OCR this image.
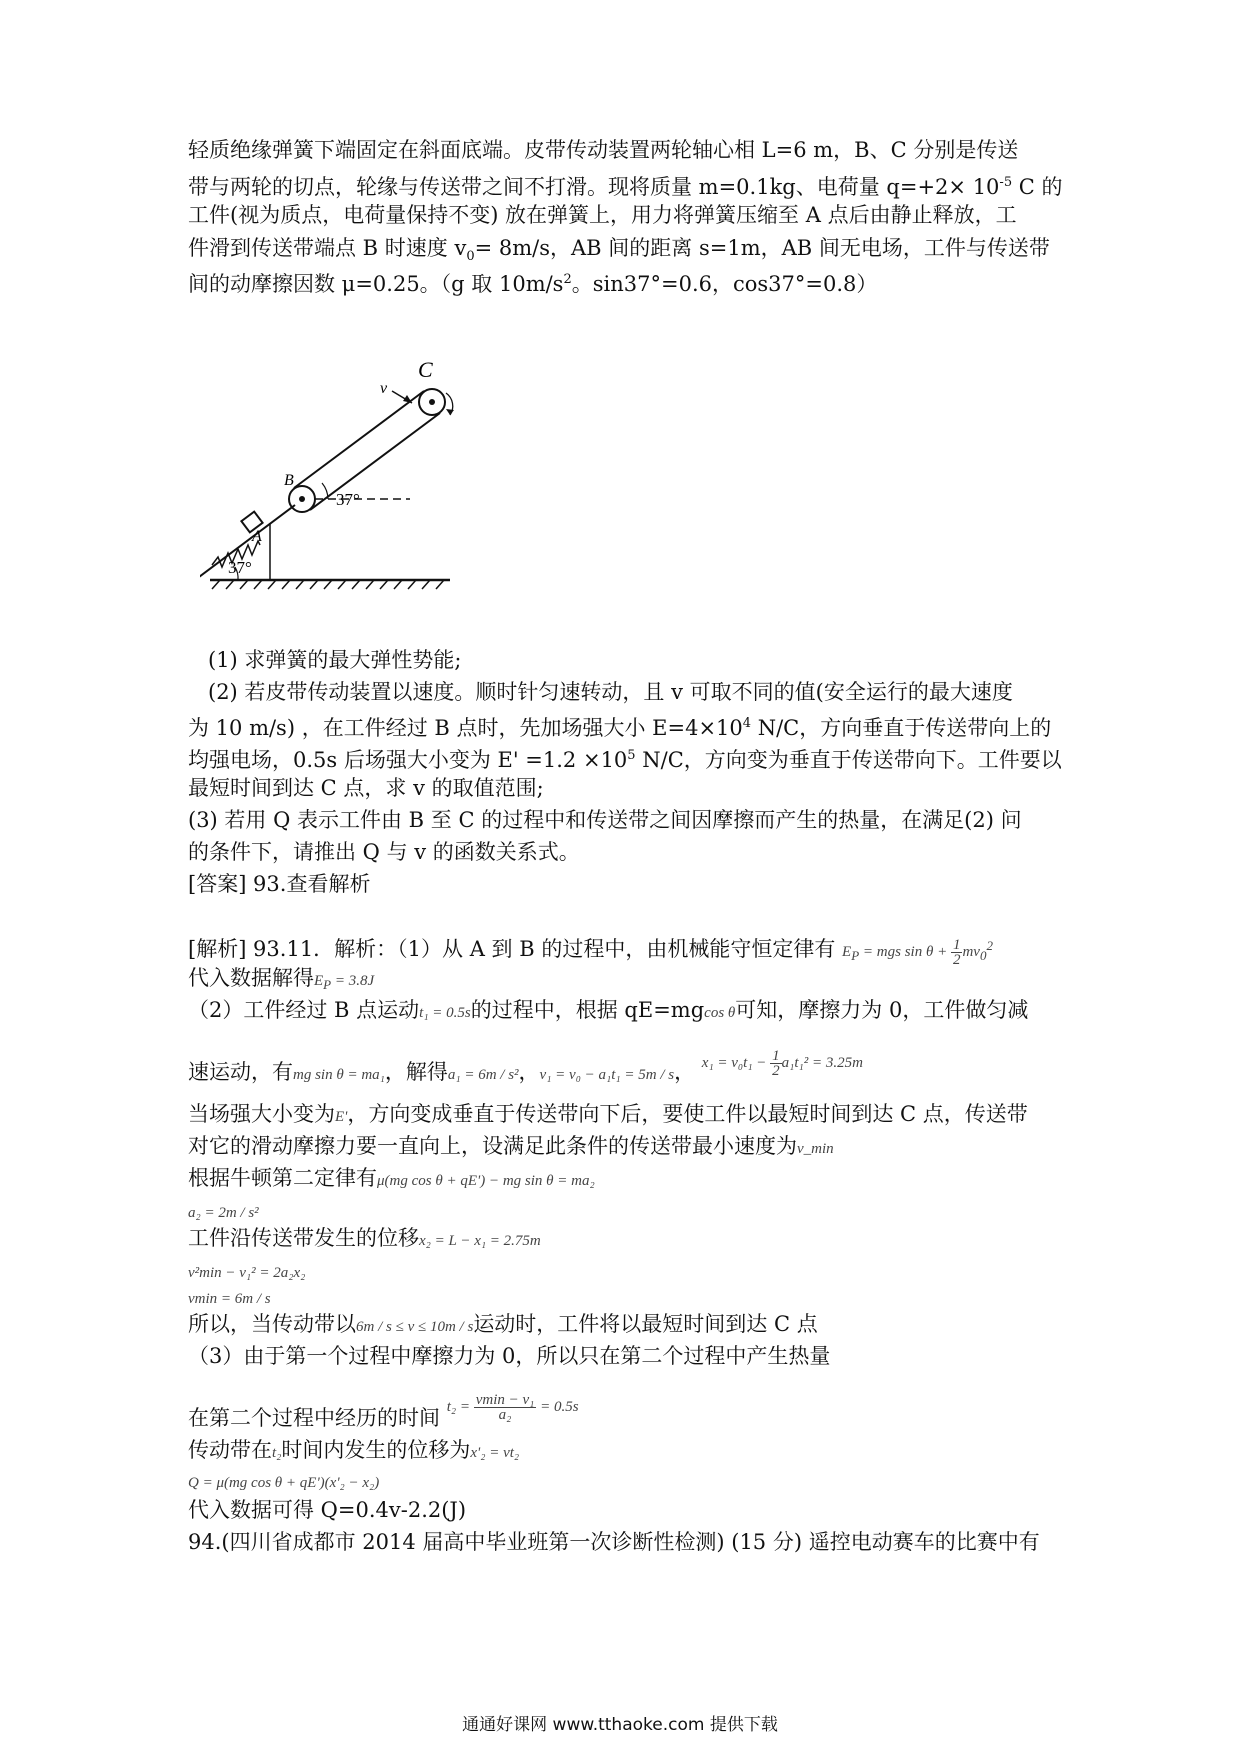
轻质绝缘弹簧下端固定在斜面底端。皮带传动装置两轮轴心相 L=6 m，B、C 分别是传送
带与两轮的切点，轮缘与传送带之间不打滑。现将质量 m=0.1kg、电荷量 $q=+2\times 10^{-5}$ C 的
工件(视为质点，电荷量保持不变) 放在弹簧上，用力将弹簧压缩至 A 点后由静止释放，工
件滑到传送带端点 B 时速度 $v_0= 8m/s$，AB 间的距离 s=1m，AB 间无电场，工件与传送带
间的动摩擦因数 μ=0.25。（g 取 $10m/s^2$。sin37°=0.6，cos37°=0.8）
v
C
B
A
37°
37°
(1) 求弹簧的最大弹性势能;
(2) 若皮带传动装置以速度。顺时针匀速转动，且 v 可取不同的值(安全运行的最大速度
为 10 m/s) ，在工件经过 B 点时，先加场强大小 $E=4\times 10^4$ N/C，方向垂直于传送带向上的
均强电场，0.5s 后场强大小变为 $E' =1.2 \times 10^5$ N/C，方向变为垂直于传送带向下。工件要以
最短时间到达 C 点，求 v 的取值范围;
(3) 若用 Q 表示工件由 B 至 C 的过程中和传送带之间因摩擦而产生的热量，在满足(2) 问
的条件下，请推出 Q 与 v 的函数关系式。
[答案] 93.查看解析
[解析] 93.11．解析：（1）从 A 到 B 的过程中，由机械能守恒定律有 EP = mgs $\sin \theta + \frac{1}{2} mv02$
代入数据解得EP = 3.8J
（2）工件经过 B 点运动t₁ = 0.5s的过程中，根据 qE=mgcos θ可知，摩擦力为 0，工件做匀减
速运动，有mg sin θ = ma₁，解得a₁ = 6m / s²，v₁ = v₀ − a₁t₁ = 5m / s， $^{x_1 = v_0t_1 - \frac{1}{2} a_1t_1^2 = 3.25m}$
当场强大小变为E'，方向变成垂直于传送带向下后，要使工件以最短时间到达 C 点，传送带
对它的滑动摩擦力要一直向上，设满足此条件的传送带最小速度为v_min
根据牛顿第二定律有μ(mg cos θ + qE') − mg sin θ = ma₂
a₂ = 2m / s²
工件沿传送带发生的位移x₂ = L − x₁ = 2.75m
v²min − v₁² = 2a₂x₂
vmin = 6m / s
所以，当传动带以6m / s ≤ v ≤ 10m / s运动时，工件将以最短时间到达 C 点
（3）由于第一个过程中摩擦力为 0，所以只在第二个过程中产生热量
在第二个过程中经历的时间 $^{t_2 = \frac{\text{vmin − v₁}}{\text{a₂}} = 0.5s}$
传动带在t₂时间内发生的位移为x'₂ = vt₂
Q = μ(mg cos θ + qE')(x'₂ − x₂)
代入数据可得 Q=0.4v-2.2(J)
94.(四川省成都市 2014 届高中毕业班第一次诊断性检测) (15 分) 遥控电动赛车的比赛中有
通通好课网 www.tthaoke.com 提供下载
